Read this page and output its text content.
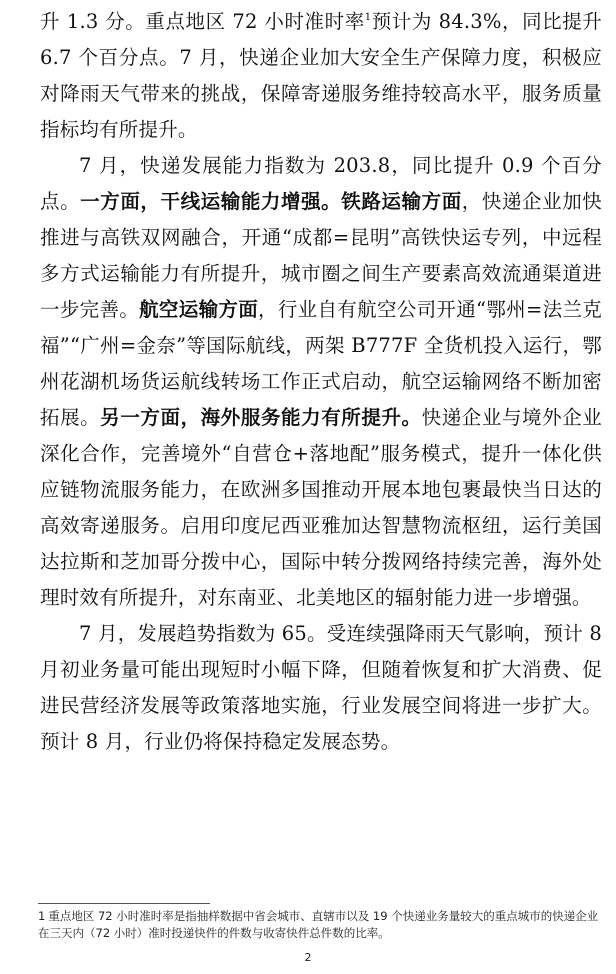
升 1.3 分。重点地区 72 小时准时率$^1$预计为 84.3%，同比提升 6.7 个百分点。7 月，快递企业加大安全生产保障力度，积极应对降雨天气带来的挑战，保障寄递服务维持较高水平，服务质量指标均有所提升。

7 月，快递发展能力指数为 203.8，同比提升 0.9 个百分点。一方面，干线运输能力增强。铁路运输方面，快递企业加快推进与高铁双网融合，开通“成都=昆明”高铁快运专列，中远程多方式运输能力有所提升，城市圈之间生产要素高效流通渠道进一步完善。航空运输方面，行业自有航空公司开通“鄂州=法兰克福”“广州=金奈”等国际航线，两架 B777F 全货机投入运行，鄂州花湖机场货运航线转场工作正式启动，航空运输网络不断加密拓展。另一方面，海外服务能力有所提升。快递企业与境外企业深化合作，完善境外“自营仓+落地配”服务模式，提升一体化供应链物流服务能力，在欧洲多国推动开展本地包裹最快当日达的高效寄递服务。启用印度尼西亚雅加达智慧物流枢纽，运行美国达拉斯和芝加哥分拨中心，国际中转分拨网络持续完善，海外处理时效有所提升，对东南亚、北美地区的辐射能力进一步增强。

7 月，发展趋势指数为 65。受连续强降雨天气影响，预计 8 月初业务量可能出现短时小幅下降，但随着恢复和扩大消费、促进民营经济发展等政策落地实施，行业发展空间将进一步扩大。预计 8 月，行业仍将保持稳定发展态势。

1 重点地区 72 小时准时率是指抽样数据中省会城市、直辖市以及 19 个快递业务量较大的重点城市的快递企业在三天内（72 小时）准时投递快件的件数与收寄快件总件数的比率。
2
